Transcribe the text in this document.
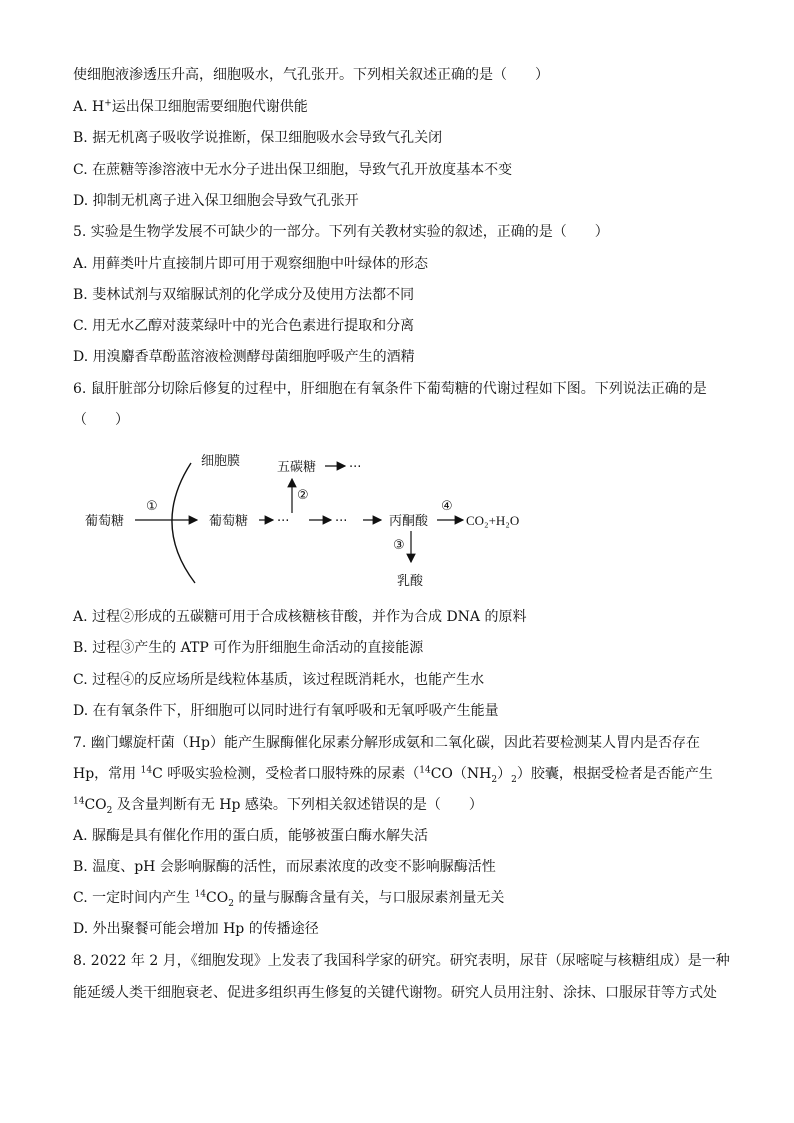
使细胞液渗透压升高，细胞吸水，气孔张开。下列相关叙述正确的是（　　）
A. H+运出保卫细胞需要细胞代谢供能
B. 据无机离子吸收学说推断，保卫细胞吸水会导致气孔关闭
C. 在蔗糖等渗溶液中无水分子进出保卫细胞，导致气孔开放度基本不变
D. 抑制无机离子进入保卫细胞会导致气孔张开
5. 实验是生物学发展不可缺少的一部分。下列有关教材实验的叙述，正确的是（　　）
A. 用藓类叶片直接制片即可用于观察细胞中叶绿体的形态
B. 斐林试剂与双缩脲试剂的化学成分及使用方法都不同
C. 用无水乙醇对菠菜绿叶中的光合色素进行提取和分离
D. 用溴麝香草酚蓝溶液检测酵母菌细胞呼吸产生的酒精
6. 鼠肝脏部分切除后修复的过程中，肝细胞在有氧条件下葡萄糖的代谢过程如下图。下列说法正确的是
（　　）
细胞膜
葡萄糖
①
葡萄糖 ···	···
②
五碳糖	···
丙酮酸
④
CO₂+H₂O
③
乳酸
A. 过程②形成的五碳糖可用于合成核糖核苷酸，并作为合成 DNA 的原料
B. 过程③产生的 ATP 可作为肝细胞生命活动的直接能源
C. 过程④的反应场所是线粒体基质，该过程既消耗水，也能产生水
D. 在有氧条件下，肝细胞可以同时进行有氧呼吸和无氧呼吸产生能量
7. 幽门螺旋杆菌（Hp）能产生脲酶催化尿素分解形成氨和二氧化碳，因此若要检测某人胃内是否存在
Hp，常用 $^{14}$C 呼吸实验检测，受检者口服特殊的尿素$(^{14}CO(NH_2)_2)$胶囊，根据受检者是否能产生
$^{14}CO_2$ 及含量判断有无 Hp 感染。下列相关叙述错误的是（　　）
A. 脲酶是具有催化作用的蛋白质，能够被蛋白酶水解失活
B. 温度、pH 会影响脲酶的活性，而尿素浓度的改变不影响脲酶活性
C. 一定时间内产生 $^{14}CO_2$ 的量与脲酶含量有关，与口服尿素剂量无关
D. 外出聚餐可能会增加 Hp 的传播途径
8. 2022 年 2 月，《细胞发现》上发表了我国科学家的研究。研究表明，尿苷（尿嘧啶与核糖组成）是一种
能延缓人类干细胞衰老、促进多组织再生修复的关键代谢物。研究人员用注射、涂抹、口服尿苷等方式处
